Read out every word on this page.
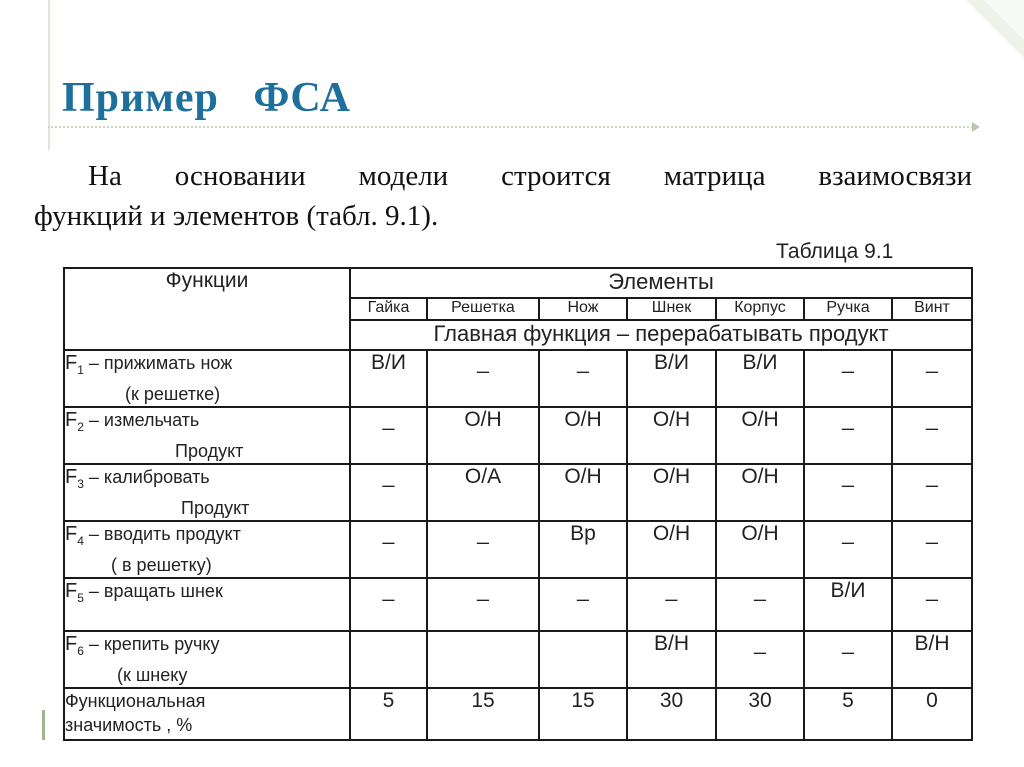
Пример   ФСА
На основании модели строится матрица взаимосвязи
функций и элементов (табл. 9.1).
Таблица 9.1
Функции	Элементы						
	Гайка	Решетка	Нож	Шнек	Корпус	Ручка	Винт
	Главная функция – перерабатывать продукт						

$F_1$ – прижимать нож
(к решетке)	В/И	_	_	В/И	В/И	_	_

$F_2$ – измельчать
Продукт	_	О/Н	О/Н	О/Н	О/Н	_	_

$F_3$ – калибровать
Продукт	_	О/А	О/Н	О/Н	О/Н	_	_

$F_4$ – вводить продукт
( в решетку)	_	_	Вр	О/Н	О/Н	_	_

$F_5$ – вращать шнек	_	_	_	_	_	В/И	_

$F_6$ – крепить ручку
(к шнеку				В/Н	_	_	В/Н

Функциональная
значимость , %	5	15	15	30	30	5	0
